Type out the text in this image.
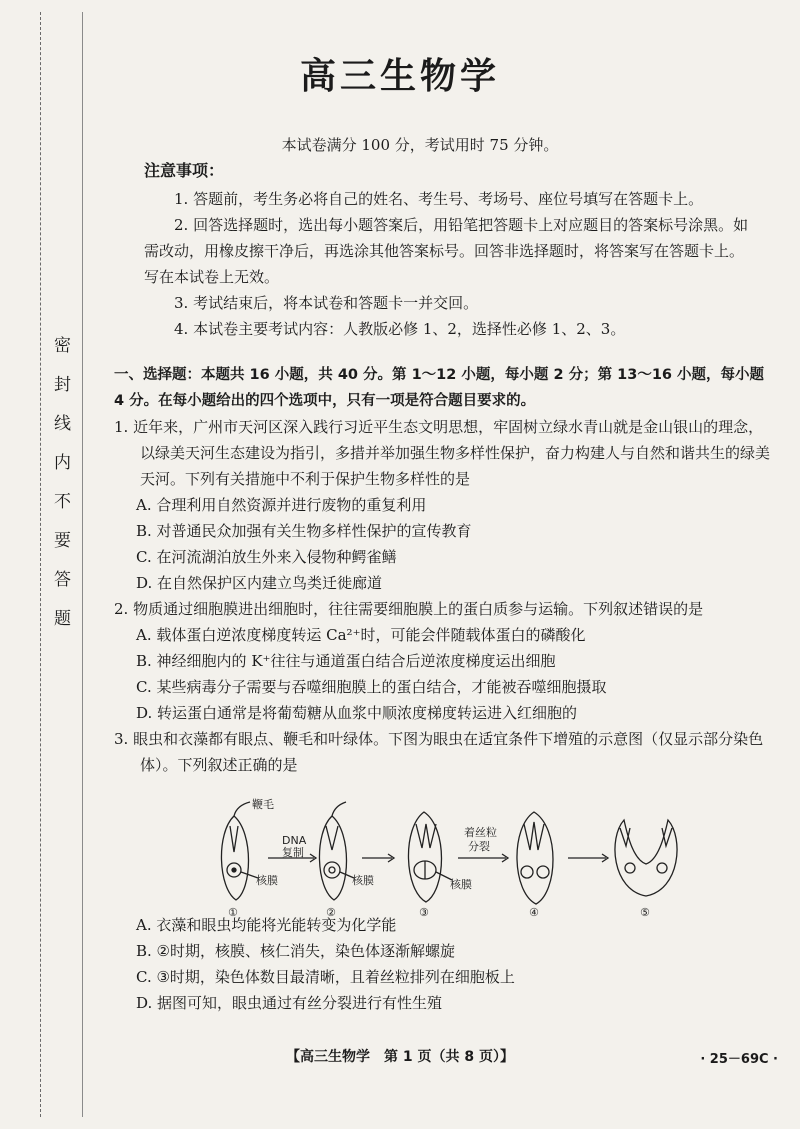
密封线内不要答题
高三生物学
本试卷满分 100 分，考试用时 75 分钟。
注意事项：

1. 答题前，考生务必将自己的姓名、考生号、考场号、座位号填写在答题卡上。

2. 回答选择题时，选出每小题答案后，用铅笔把答题卡上对应题目的答案标号涂黑。如需改动，用橡皮擦干净后，再选涂其他答案标号。回答非选择题时，将答案写在答题卡上。写在本试卷上无效。

3. 考试结束后，将本试卷和答题卡一并交回。

4. 本试卷主要考试内容：人教版必修 1、2，选择性必修 1、2、3。

一、选择题：本题共 16 小题，共 40 分。第 1～12 小题，每小题 2 分；第 13～16 小题，每小题 4 分。在每小题给出的四个选项中，只有一项是符合题目要求的。

1. 近年来，广州市天河区深入践行习近平生态文明思想，牢固树立绿水青山就是金山银山的理念，以绿美天河生态建设为指引，多措并举加强生物多样性保护，奋力构建人与自然和谐共生的绿美天河。下列有关措施中不利于保护生物多样性的是

A. 合理利用自然资源并进行废物的重复利用

B. 对普通民众加强有关生物多样性保护的宣传教育

C. 在河流湖泊放生外来入侵物种鳄雀鳝

D. 在自然保护区内建立鸟类迁徙廊道

2. 物质通过细胞膜进出细胞时，往往需要细胞膜上的蛋白质参与运输。下列叙述错误的是

A. 载体蛋白逆浓度梯度转运 Ca²⁺时，可能会伴随载体蛋白的磷酸化

B. 神经细胞内的 K⁺往往与通道蛋白结合后逆浓度梯度运出细胞

C. 某些病毒分子需要与吞噬细胞膜上的蛋白结合，才能被吞噬细胞摄取

D. 转运蛋白通常是将葡萄糖从血浆中顺浓度梯度转运进入红细胞的

3. 眼虫和衣藻都有眼点、鞭毛和叶绿体。下图为眼虫在适宜条件下增殖的示意图（仅显示部分染色体）。下列叙述正确的是

A. 衣藻和眼虫均能将光能转变为化学能

B. ②时期，核膜、核仁消失，染色体逐渐解螺旋

C. ③时期，染色体数目最清晰，且着丝粒排列在细胞板上

D. 据图可知，眼虫通过有丝分裂进行有性生殖

鞭毛
DNA
复制
着丝粒
分裂
核膜	核膜	核膜
①	②	③	④	⑤
【高三生物学　第 1 页（共 8 页）】	· 25－69C ·
